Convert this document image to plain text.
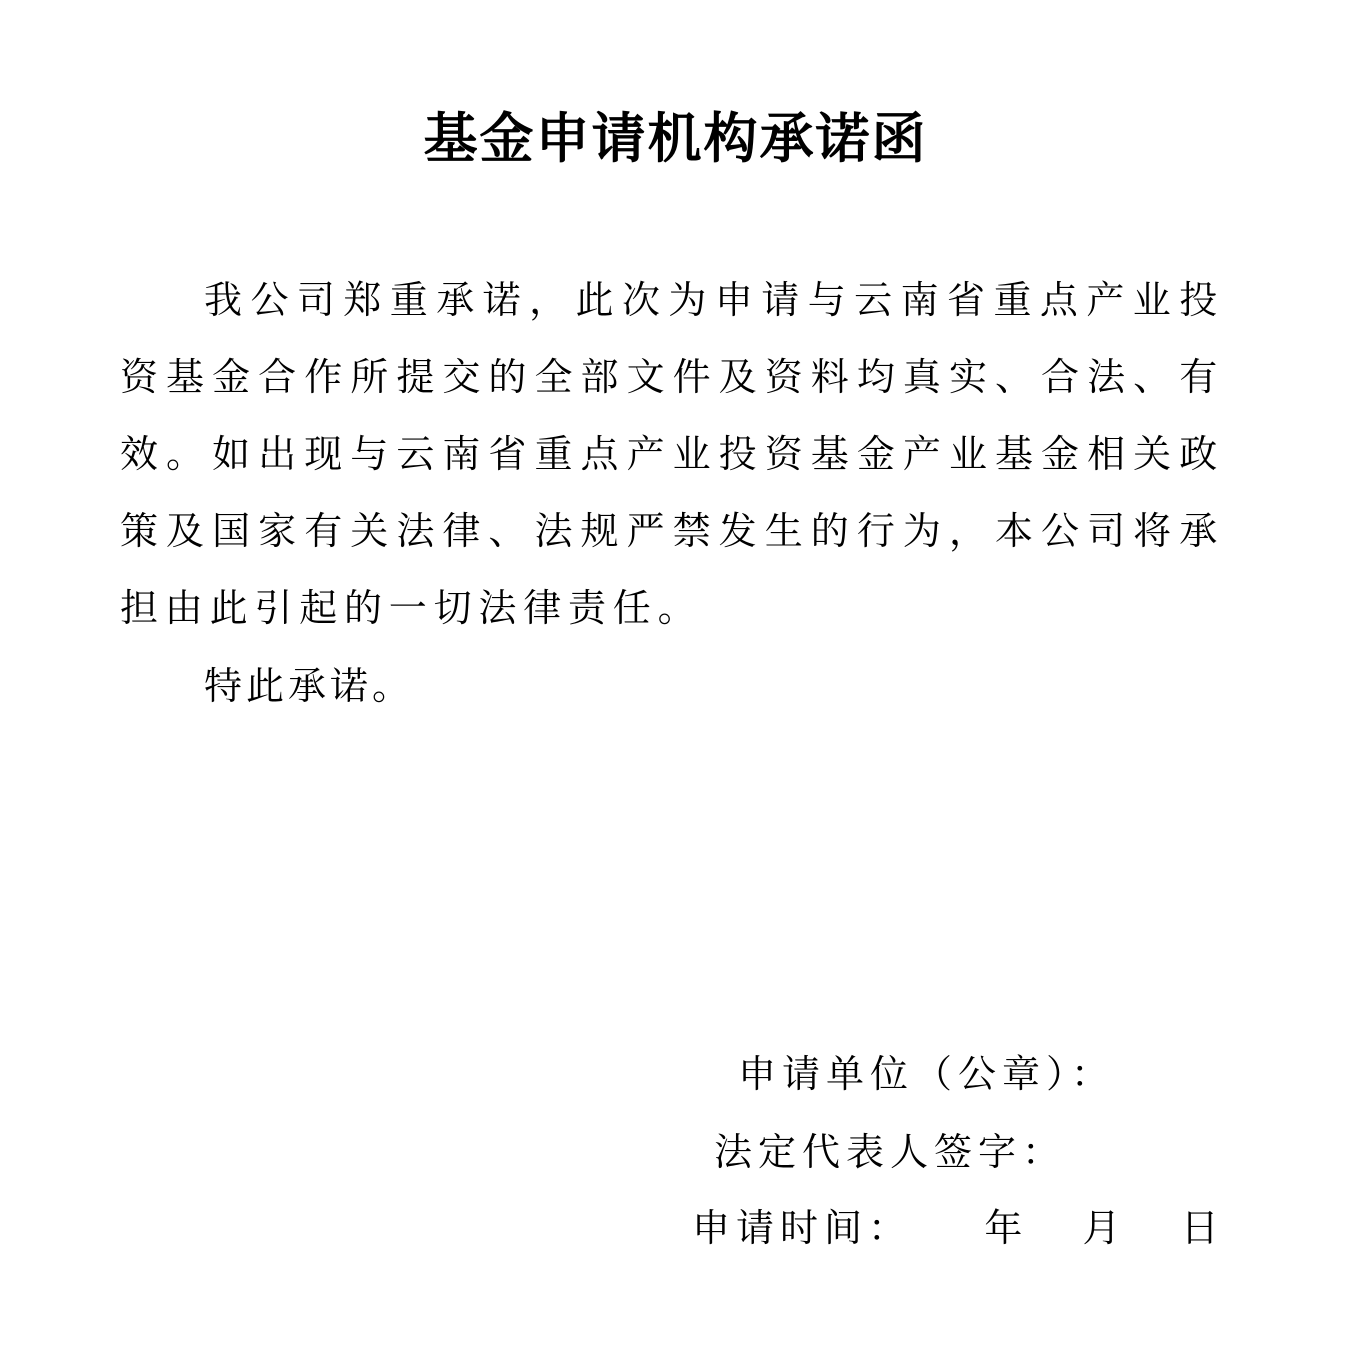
基金申请机构承诺函

我公司郑重承诺，此次为申请与云南省重点产业投资基金合作所提交的全部文件及资料均真实、合法、有效。如出现与云南省重点产业投资基金产业基金相关政策及国家有关法律、法规严禁发生的行为，本公司将承担由此引起的一切法律责任。

特此承诺。

申请单位（公章）：

法定代表人签字：

申请时间：    年   月   日
